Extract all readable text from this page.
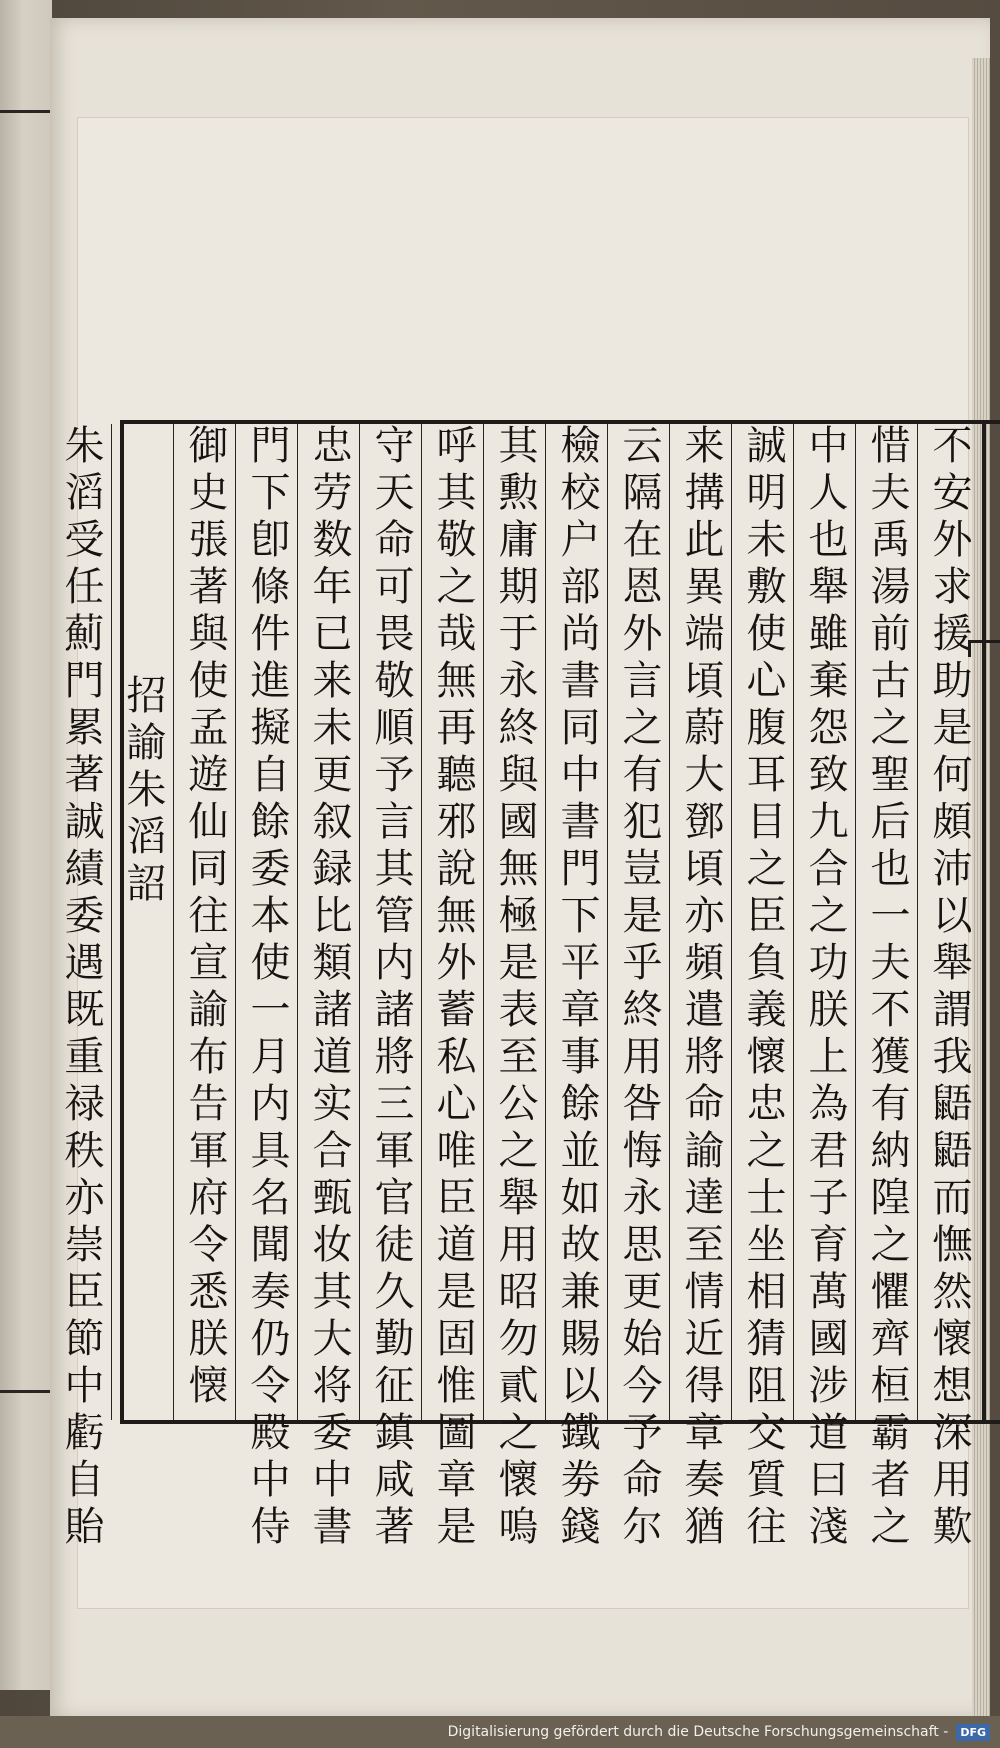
不安外求援助是何頗沛以舉謂我鼯鼯而憮然懷想深用歎
惜夫禹湯前古之聖后也一夫不獲有納隍之懼齊桓霸者之
中人也舉雖棄怨致九合之功朕上為君子育萬國涉道曰淺
誠明未敷使心腹耳目之臣負義懷忠之士坐相猜阻交質往
来搆此異端頃蔚大鄧頃亦頻遣將命諭達至情近得章奏猶
云隔在恩外言之有犯豈是乎終用咎悔永思更始今予命尔
檢校户部尚書同中書門下平章事餘並如故兼賜以鐵劵錢
其勲庸期于永終與國無極是表至公之舉用昭勿貳之懷嗚
呼其敬之哉無再聽邪說無外蓄私心唯臣道是固惟圖章是
守天命可畏敬順予言其管内諸將三軍官徒久勤征鎮咸著
忠劳数年已来未更叙録比類諸道实合甄妆其大将委中書
門下卽條件進擬自餘委本使一月内具名聞奏仍令殿中侍
御史張著與使孟遊仙同往宣諭布告軍府令悉朕懐
招諭朱滔詔
朱滔受任薊門累著誠績委遇既重禄秩亦崇臣節中虧自貽
Digitalisierung gefördert durch die Deutsche Forschungsgemeinschaft -	DFG
